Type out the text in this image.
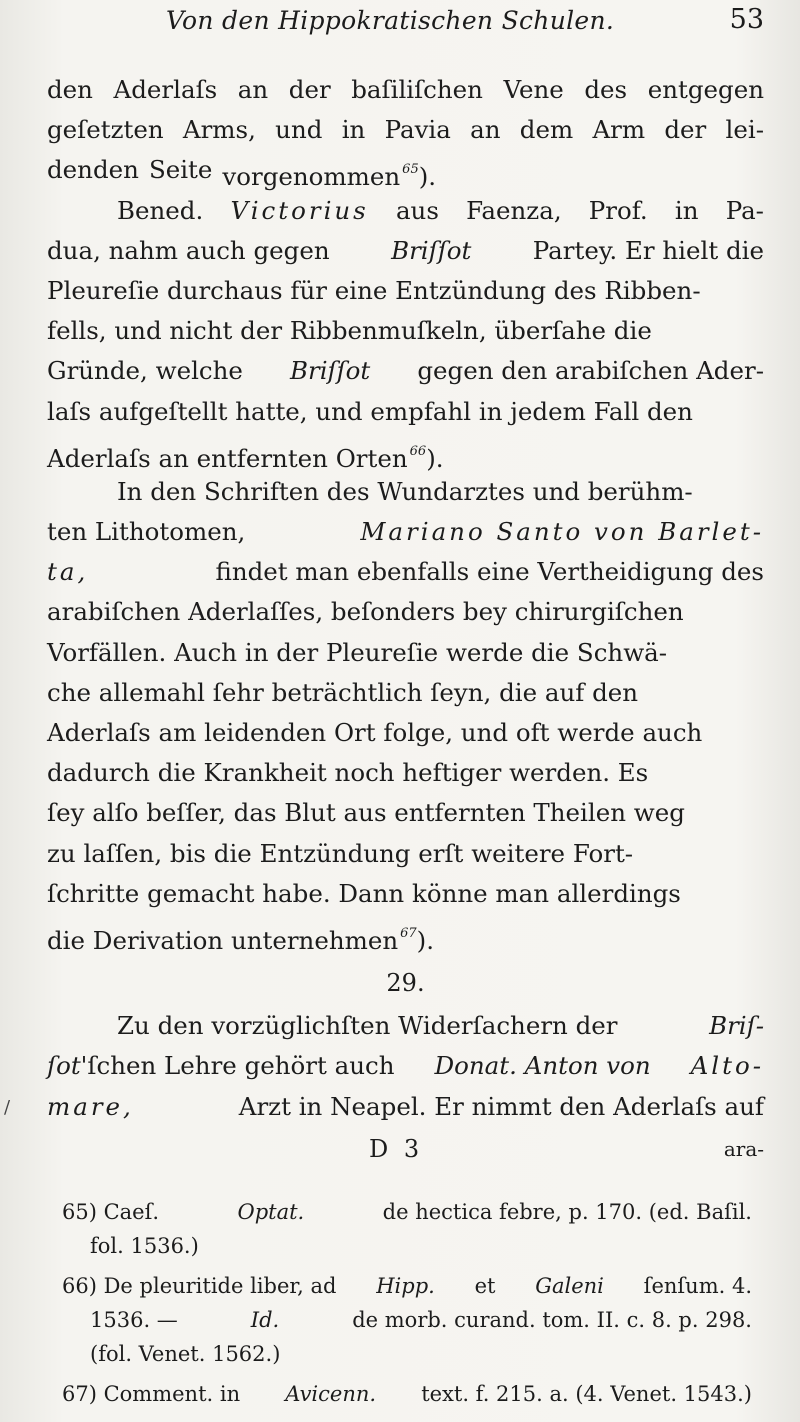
Von den Hippokratischen Schulen.	53
/
den Aderlaſs an der baſiliſchen Vene des entgegen
geſetzten Arms, und in Pavia an dem Arm der lei-
denden Seite vorgenommen $^{65}$).
Bened. Victorius aus Faenza, Prof. in Pa-
dua, nahm auch gegen	Briſſot	Partey. Er hielt die
Pleureſie durchaus für eine Entzündung des Ribben-
fells, und nicht der Ribbenmuſkeln, überſahe die
Gründe, welche Briſſot gegen den arabiſchen Ader-
laſs aufgeſtellt hatte, und empfahl in jedem Fall den
Aderlaſs an entfernten Orten $^{66}$).
In den Schriften des Wundarztes und berühm-
ten Lithotomen,	Mariano Santo von Barlet-
ta,	findet man ebenfalls eine Vertheidigung des
arabiſchen Aderlaſſes, beſonders bey chirurgiſchen
Vorfällen. Auch in der Pleureſie werde die Schwä-
che allemahl ſehr beträchtlich ſeyn, die auf den
Aderlaſs am leidenden Ort folge, und oft werde auch
dadurch die Krankheit noch heftiger werden. Es
ſey alſo beſſer, das Blut aus entfernten Theilen weg
zu laſſen, bis die Entzündung erſt weitere Fort-
ſchritte gemacht habe. Dann könne man allerdings
die Derivation unternehmen $^{67}$).
29.
Zu den vorzüglichſten Widerſachern der	Briſ-
ſot'ſchen Lehre gehört auch Donat. Anton von Alto-
mare,	Arzt in Neapel. Er nimmt den Aderlaſs auf
D 3	ara-
65) Caeſ.	Optat.	de hectica febre, p. 170. (ed. Baſil.
fol. 1536.)
66) De pleuritide liber, ad Hipp. et Galeni ſenſum. 4.
1536. —	Id.	de morb. curand. tom. II. c. 8. p. 298.
(fol. Venet. 1562.)
67) Comment. in Avicenn. text. f. 215. a. (4. Venet. 1543.)
